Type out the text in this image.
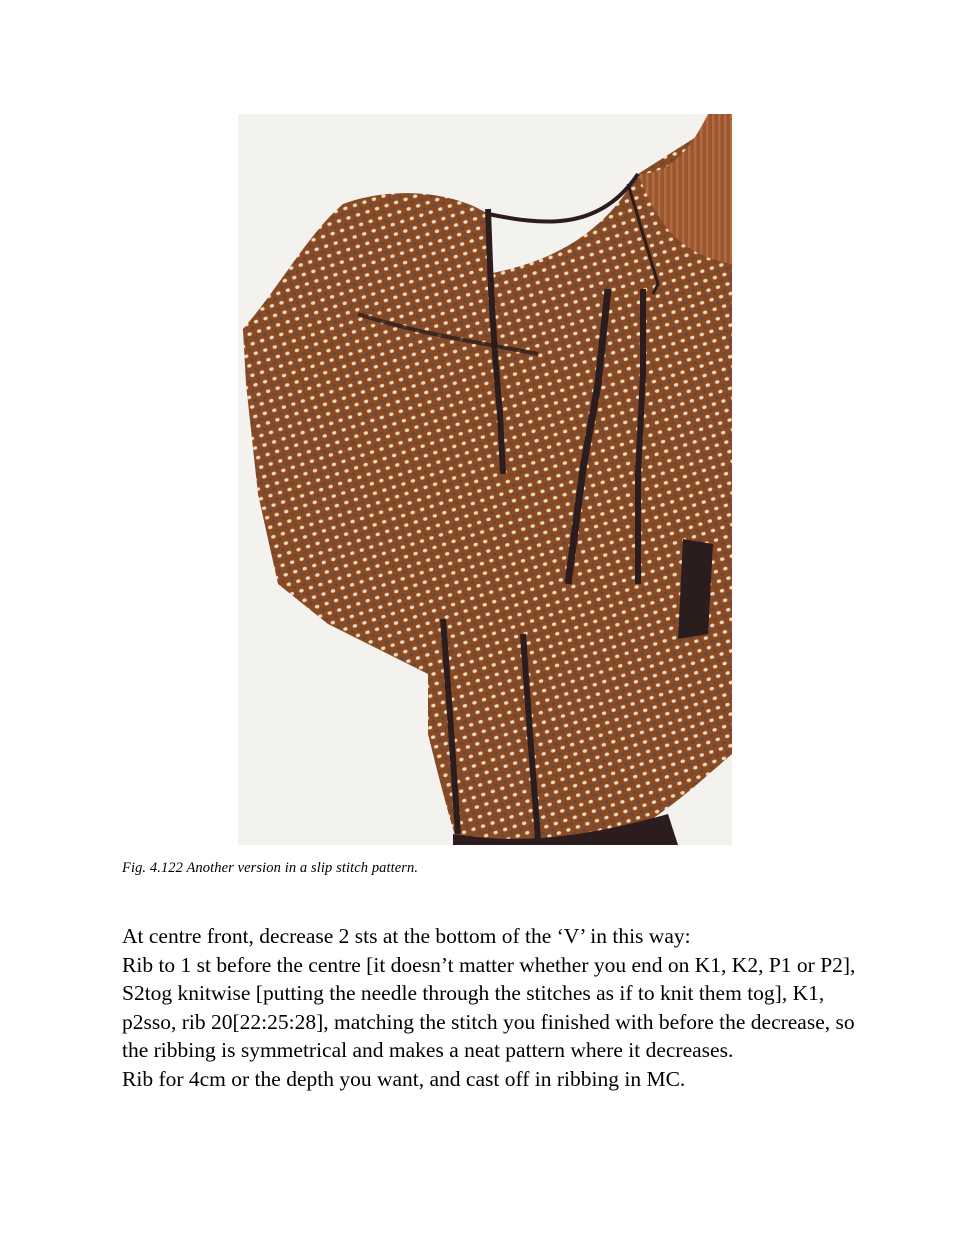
Fig. 4.122 Another version in a slip stitch pattern.

At centre front, decrease 2 sts at the bottom of the ‘V’ in this way:

Rib to 1 st before the centre [it doesn’t matter whether you end on K1, K2, P1 or P2], S2tog knitwise [putting the needle through the stitches as if to knit them tog], K1, p2sso, rib 20[22:25:28], matching the stitch you finished with before the decrease, so the ribbing is symmetrical and makes a neat pattern where it decreases.

Rib for 4cm or the depth you want, and cast off in ribbing in MC.
